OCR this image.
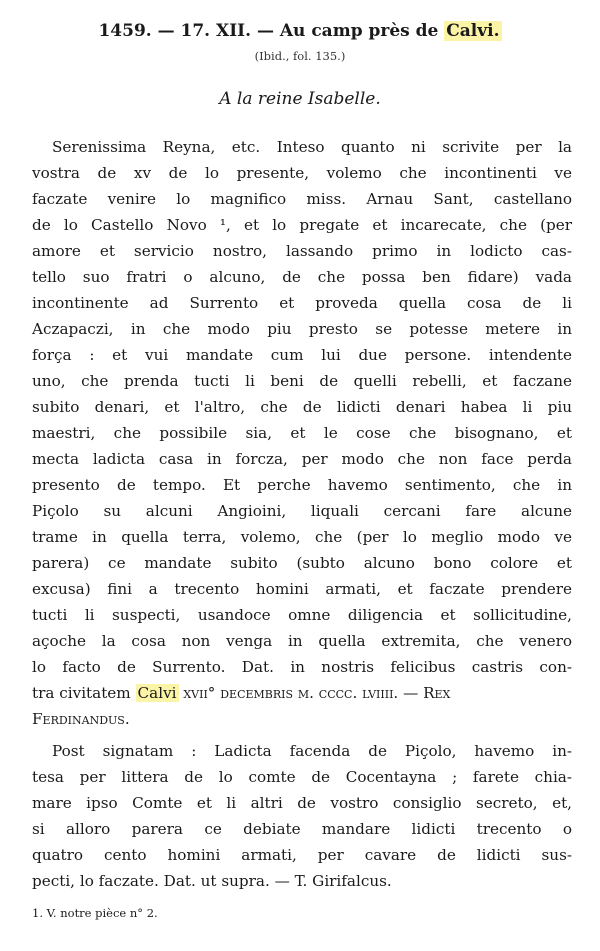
1459. — 17. XII. — Au camp près de Calvi.
(Ibid., fol. 135.)
A la reine Isabelle.
Serenissima Reyna, etc. Inteso quanto ni scrivite per la
vostra de xv de lo presente, volemo che incontinenti ve
faczate venire lo magnifico miss. Arnau Sant, castellano
de lo Castello Novo ¹, et lo pregate et incarecate, che (per
amore et servicio nostro, lassando primo in lodicto cas-
tello suo fratri o alcuno, de che possa ben fidare) vada
incontinente ad Surrento et proveda quella cosa de li
Aczapaczi, in che modo piu presto se potesse metere in
força : et vui mandate cum lui due persone. intendente
uno, che prenda tucti li beni de quelli rebelli, et faczane
subito denari, et l'altro, che de lidicti denari habea li piu
maestri, che possibile sia, et le cose che bisognano, et
mecta ladicta casa in forcza, per modo che non face perda
presento de tempo. Et perche havemo sentimento, che in
Piçolo su alcuni Angioini, liquali cercani fare alcune
trame in quella terra, volemo, che (per lo meglio modo ve
parera) ce mandate subito (subto alcuno bono colore et
excusa) fini a trecento homini armati, et faczate prendere
tucti li suspecti, usandoce omne diligencia et sollicitudine,
açoche la cosa non venga in quella extremita, che venero
lo facto de Surrento. Dat. in nostris felicibus castris con-
tra civitatem Calvi xvii° decembris m. cccc. lviiii. — Rex
Ferdinandus.
Post signatam : Ladicta facenda de Piçolo, havemo in-
tesa per littera de lo comte de Cocentayna ; farete chia-
mare ipso Comte et li altri de vostro consiglio secreto, et,
si alloro parera ce debiate mandare lidicti trecento o
quatro cento homini armati, per cavare de lidicti sus-
pecti, lo faczate. Dat. ut supra. — T. Girifalcus.
1. V. notre pièce n° 2.
